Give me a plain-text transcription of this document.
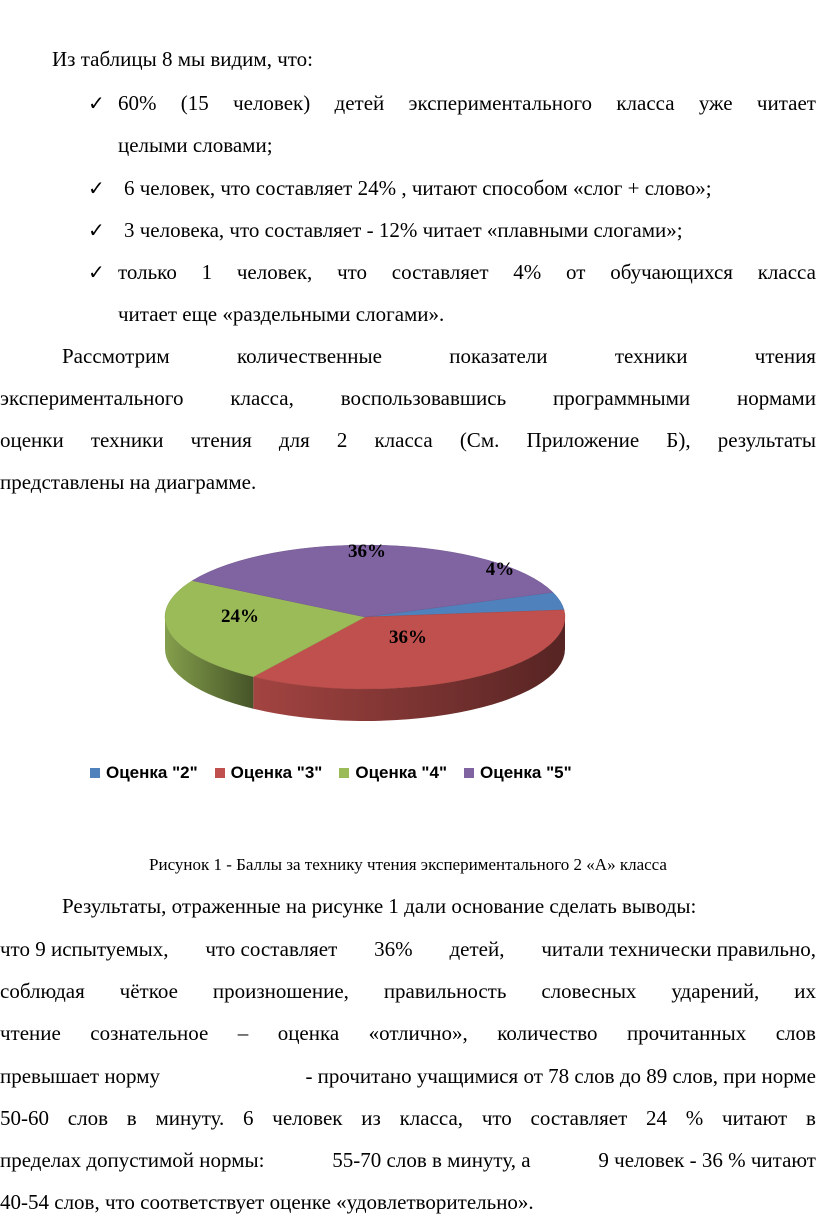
Из таблицы 8 мы видим, что:
✓ 60% (15 человек) детей экспериментального класса уже читает
целыми словами;
✓ 6 человек, что составляет 24% , читают способом «слог + слово»;
✓ 3 человека, что составляет - 12% читает «плавными слогами»;
✓ только 1 человек, что составляет 4% от обучающихся класса
читает еще «раздельными слогами».
Рассмотрим	количественные	показатели	техники	чтения
экспериментального класса, воспользовавшись программными нормами
оценки техники чтения для 2 класса (См. Приложение Б), результаты
представлены на диаграмме.
4%
36%
24%
36%
Оценка "2" Оценка "3" Оценка "4" Оценка "5"
Рисунок 1 - Баллы за технику чтения экспериментального 2 «А» класса
Результаты, отраженные на рисунке 1 дали основание сделать выводы:
что 9 испытуемых, что составляет 36% детей, читали технически правильно,
соблюдая чёткое произношение, правильность словесных ударений, их
чтение сознательное – оценка «отлично», количество прочитанных слов
превышает норму	- прочитано учащимися от 78 слов до 89 слов, при норме
50-60 слов в минуту. 6 человек из класса, что составляет 24 % читают в
пределах допустимой нормы:	55-70 слов в минуту, а	9 человек - 36 % читают
40-54 слов, что соответствует оценке «удовлетворительно».
